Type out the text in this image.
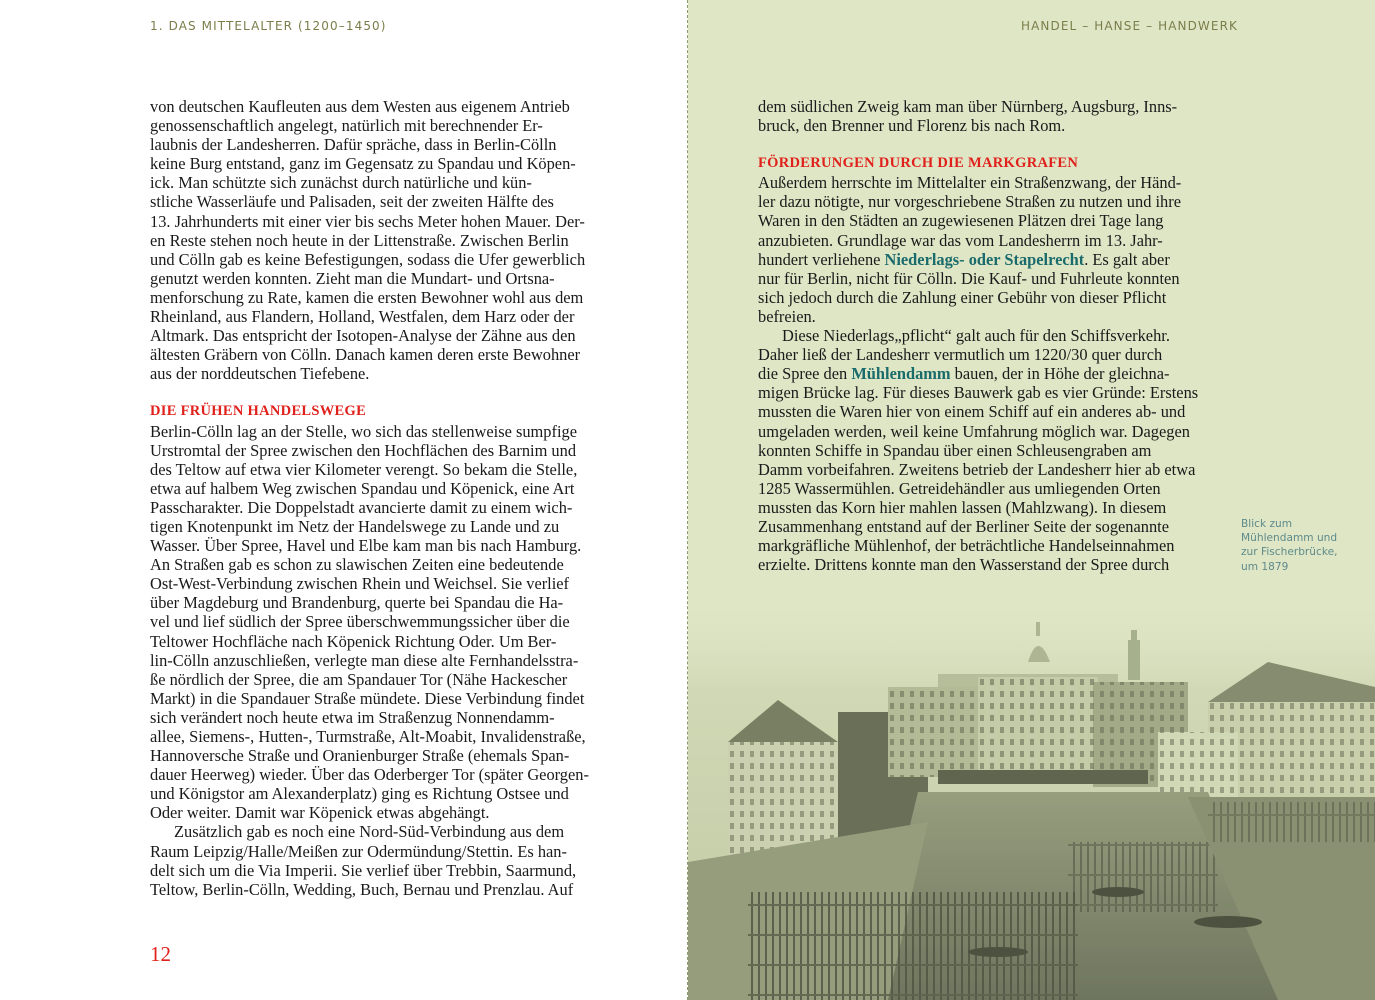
1. DAS MITTELALTER (1200–1450)

von deutschen Kaufleuten aus dem Westen aus eigenem Antrieb
genossenschaftlich angelegt, natürlich mit berechnender Er-
laubnis der Landesherren. Dafür spräche, dass in Berlin-Cölln
keine Burg entstand, ganz im Gegensatz zu Spandau und Köpen-
ick. Man schützte sich zunächst durch natürliche und kün-
stliche Wasserläufe und Palisaden, seit der zweiten Hälfte des
13. Jahrhunderts mit einer vier bis sechs Meter hohen Mauer. Der-
en Reste stehen noch heute in der Littenstraße. Zwischen Berlin
und Cölln gab es keine Befestigungen, sodass die Ufer gewerblich
genutzt werden konnten. Zieht man die Mundart- und Ortsna-
menforschung zu Rate, kamen die ersten Bewohner wohl aus dem
Rheinland, aus Flandern, Holland, Westfalen, dem Harz oder der
Altmark. Das entspricht der Isotopen-Analyse der Zähne aus den
ältesten Gräbern von Cölln. Danach kamen deren erste Bewohner
aus der norddeutschen Tiefebene.

DIE FRÜHEN HANDELSWEGE

Berlin-Cölln lag an der Stelle, wo sich das stellenweise sumpfige
Urstromtal der Spree zwischen den Hochflächen des Barnim und
des Teltow auf etwa vier Kilometer verengt. So bekam die Stelle,
etwa auf halbem Weg zwischen Spandau und Köpenick, eine Art
Passcharakter. Die Doppelstadt avancierte damit zu einem wich-
tigen Knotenpunkt im Netz der Handelswege zu Lande und zu
Wasser. Über Spree, Havel und Elbe kam man bis nach Hamburg.
An Straßen gab es schon zu slawischen Zeiten eine bedeutende
Ost-West-Verbindung zwischen Rhein und Weichsel. Sie verlief
über Magdeburg und Brandenburg, querte bei Spandau die Ha-
vel und lief südlich der Spree überschwemmungssicher über die
Teltower Hochfläche nach Köpenick Richtung Oder. Um Ber-
lin-Cölln anzuschließen, verlegte man diese alte Fernhandelsstra-
ße nördlich der Spree, die am Spandauer Tor (Nähe Hackescher
Markt) in die Spandauer Straße mündete. Diese Verbindung findet
sich verändert noch heute etwa im Straßenzug Nonnendamm-
allee, Siemens-, Hutten-, Turmstraße, Alt-Moabit, Invalidenstraße,
Hannoversche Straße und Oranienburger Straße (ehemals Span-
dauer Heerweg) wieder. Über das Oderberger Tor (später Georgen-
und Königstor am Alexanderplatz) ging es Richtung Ostsee und
Oder weiter. Damit war Köpenick etwas abgehängt.

Zusätzlich gab es noch eine Nord-Süd-Verbindung aus dem
Raum Leipzig/Halle/Meißen zur Odermündung/Stettin. Es han-
delt sich um die Via Imperii. Sie verlief über Trebbin, Saarmund,
Teltow, Berlin-Cölln, Wedding, Buch, Bernau und Prenzlau. Auf

12
HANDEL – HANSE – HANDWERK

dem südlichen Zweig kam man über Nürnberg, Augsburg, Inns-
bruck, den Brenner und Florenz bis nach Rom.

FÖRDERUNGEN DURCH DIE MARKGRAFEN

Außerdem herrschte im Mittelalter ein Straßenzwang, der Händ-
ler dazu nötigte, nur vorgeschriebene Straßen zu nutzen und ihre
Waren in den Städten an zugewiesenen Plätzen drei Tage lang
anzubieten. Grundlage war das vom Landesherrn im 13. Jahr-
hundert verliehene Niederlags- oder Stapelrecht. Es galt aber
nur für Berlin, nicht für Cölln. Die Kauf- und Fuhrleute konnten
sich jedoch durch die Zahlung einer Gebühr von dieser Pflicht
befreien.

Diese Niederlags„pflicht“ galt auch für den Schiffsverkehr.
Daher ließ der Landesherr vermutlich um 1220/30 quer durch
die Spree den Mühlendamm bauen, der in Höhe der gleichna-
migen Brücke lag. Für dieses Bauwerk gab es vier Gründe: Erstens
mussten die Waren hier von einem Schiff auf ein anderes ab- und
umgeladen werden, weil keine Umfahrung möglich war. Dagegen
konnten Schiffe in Spandau über einen Schleusengraben am
Damm vorbeifahren. Zweitens betrieb der Landesherr hier ab etwa
1285 Wassermühlen. Getreidehändler aus umliegenden Orten
mussten das Korn hier mahlen lassen (Mahlzwang). In diesem
Zusammenhang entstand auf der Berliner Seite der sogenannte
markgräfliche Mühlenhof, der beträchtliche Handelseinnahmen
erzielte. Drittens konnte man den Wasserstand der Spree durch

Blick zum
Mühlendamm und
zur Fischerbrücke,
um 1879
